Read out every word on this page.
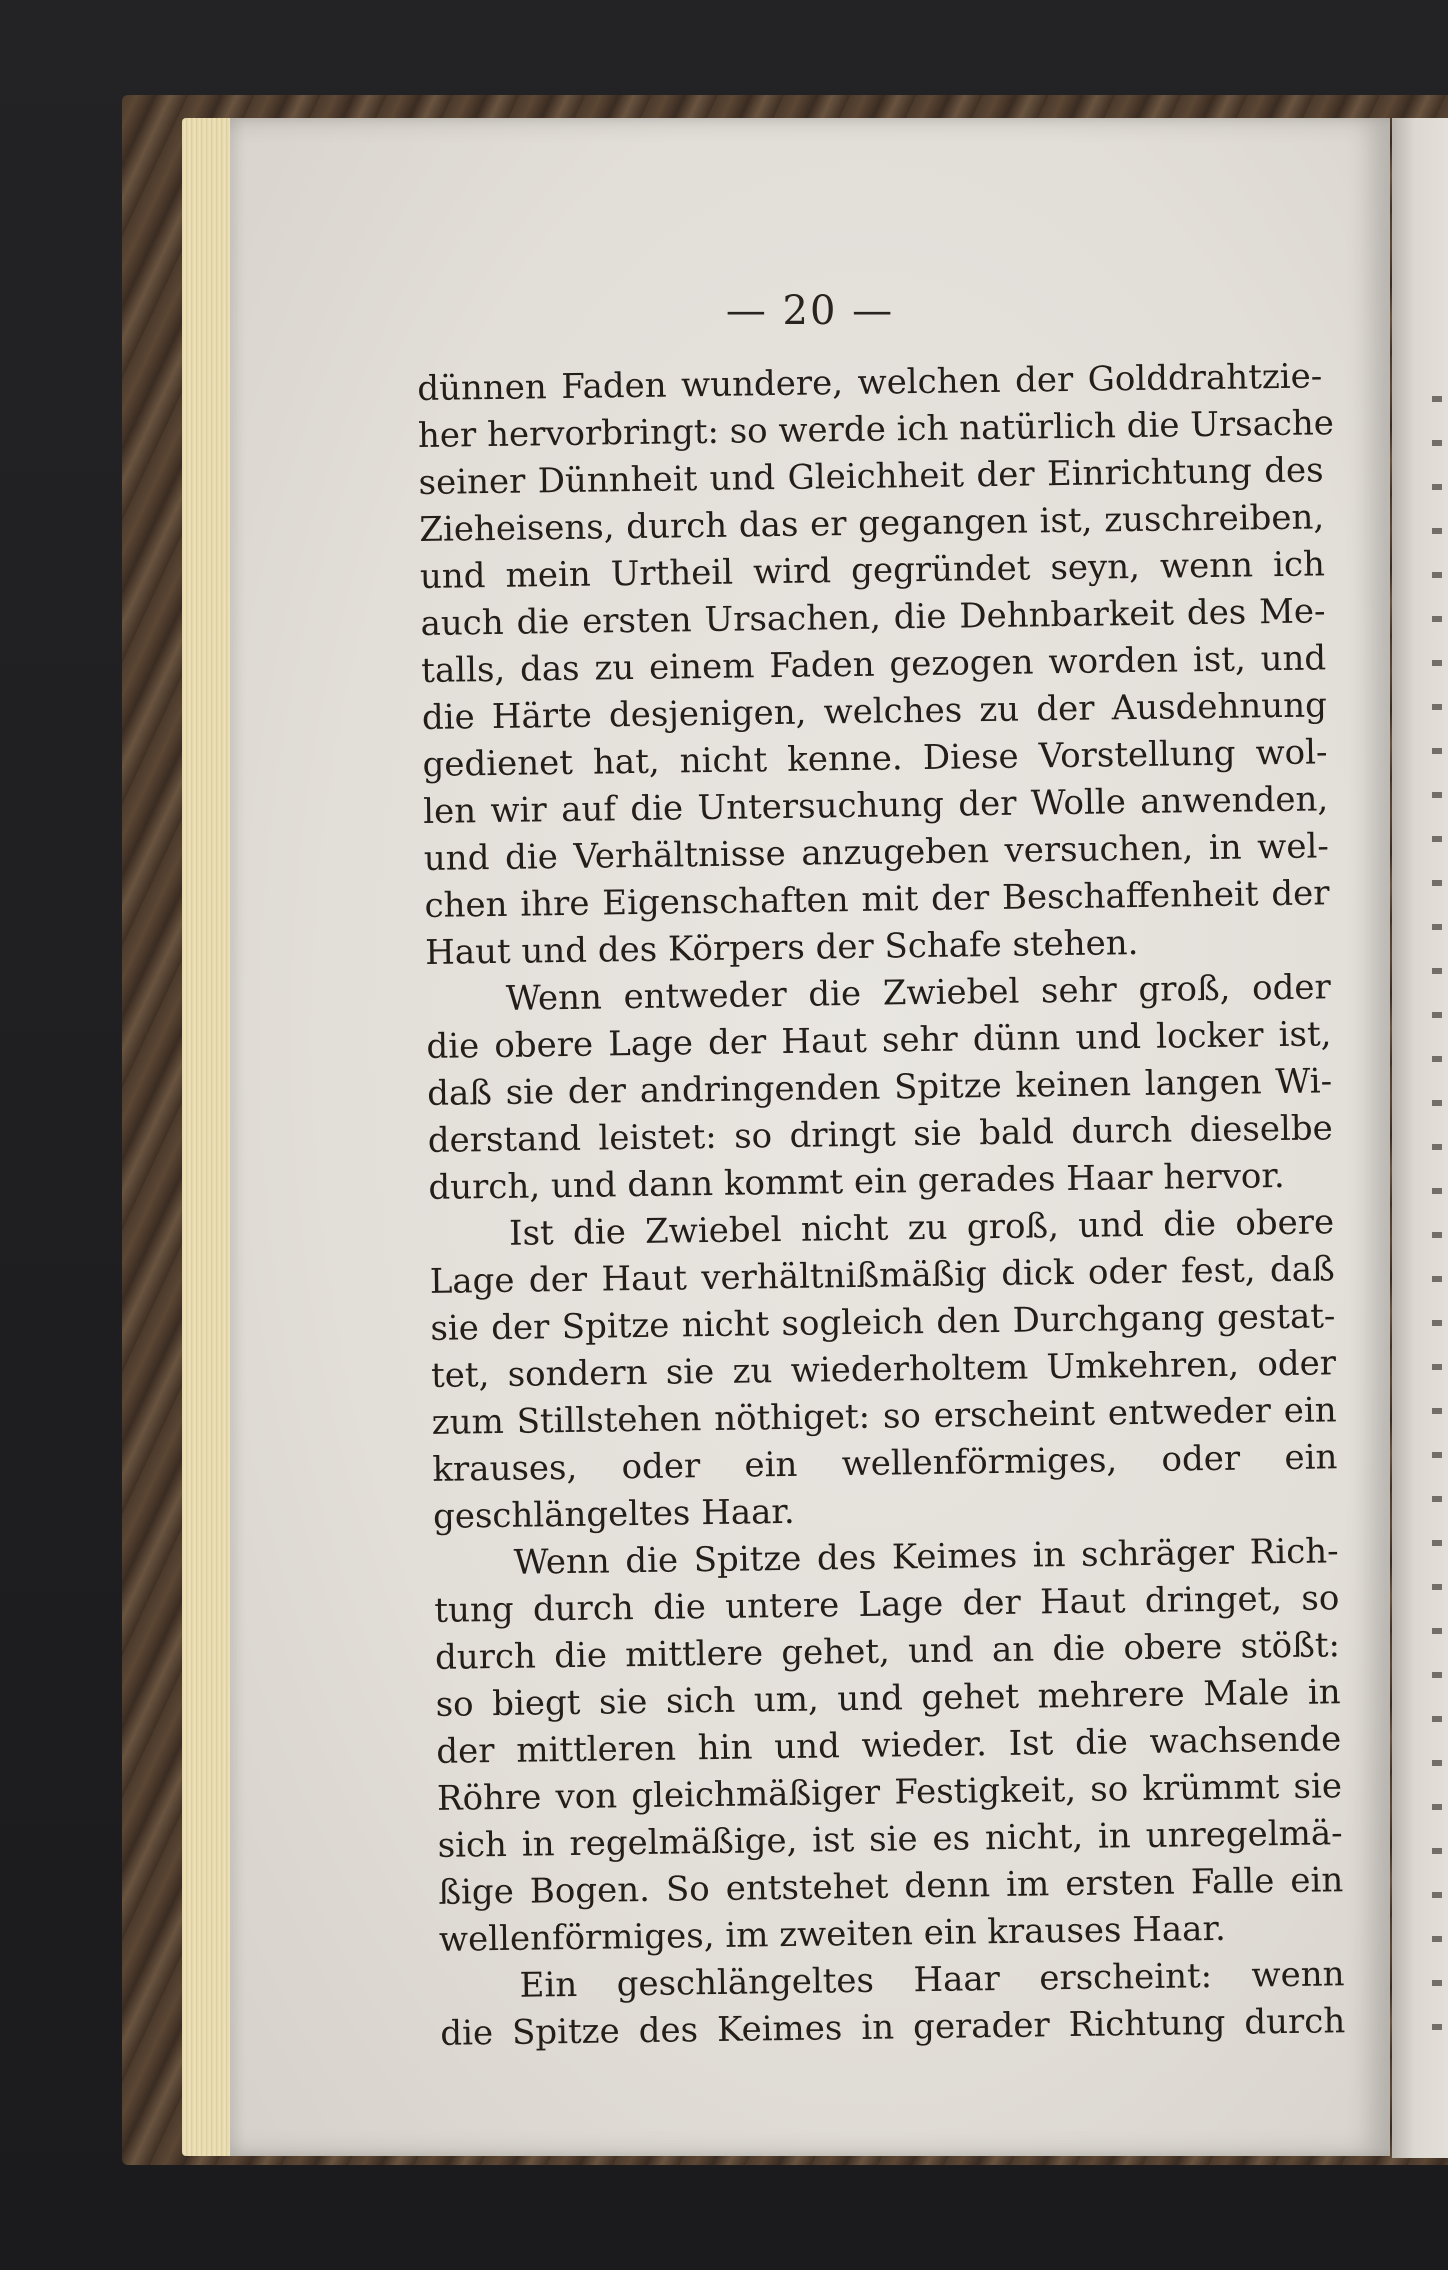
— 20 —
dünnen Faden wundere, welchen der Golddrahtzie-
her hervorbringt: so werde ich natürlich die Ursache
seiner Dünnheit und Gleichheit der Einrichtung des
Zieheisens, durch das er gegangen ist, zuschreiben,
und mein Urtheil wird gegründet seyn, wenn ich
auch die ersten Ursachen, die Dehnbarkeit des Me-
talls, das zu einem Faden gezogen worden ist, und
die Härte desjenigen, welches zu der Ausdehnung
gedienet hat, nicht kenne. Diese Vorstellung wol-
len wir auf die Untersuchung der Wolle anwenden,
und die Verhältnisse anzugeben versuchen, in wel-
chen ihre Eigenschaften mit der Beschaffenheit der
Haut und des Körpers der Schafe stehen.
Wenn entweder die Zwiebel sehr groß, oder
die obere Lage der Haut sehr dünn und locker ist,
daß sie der andringenden Spitze keinen langen Wi-
derstand leistet: so dringt sie bald durch dieselbe
durch, und dann kommt ein gerades Haar hervor.
Ist die Zwiebel nicht zu groß, und die obere
Lage der Haut verhältnißmäßig dick oder fest, daß
sie der Spitze nicht sogleich den Durchgang gestat-
tet, sondern sie zu wiederholtem Umkehren, oder
zum Stillstehen nöthiget: so erscheint entweder ein
krauses, oder ein wellenförmiges, oder ein
geschlängeltes Haar.
Wenn die Spitze des Keimes in schräger Rich-
tung durch die untere Lage der Haut dringet, so
durch die mittlere gehet, und an die obere stößt:
so biegt sie sich um, und gehet mehrere Male in
der mittleren hin und wieder. Ist die wachsende
Röhre von gleichmäßiger Festigkeit, so krümmt sie
sich in regelmäßige, ist sie es nicht, in unregelmä-
ßige Bogen. So entstehet denn im ersten Falle ein
wellenförmiges, im zweiten ein krauses Haar.
Ein geschlängeltes Haar erscheint: wenn
die Spitze des Keimes in gerader Richtung durch
